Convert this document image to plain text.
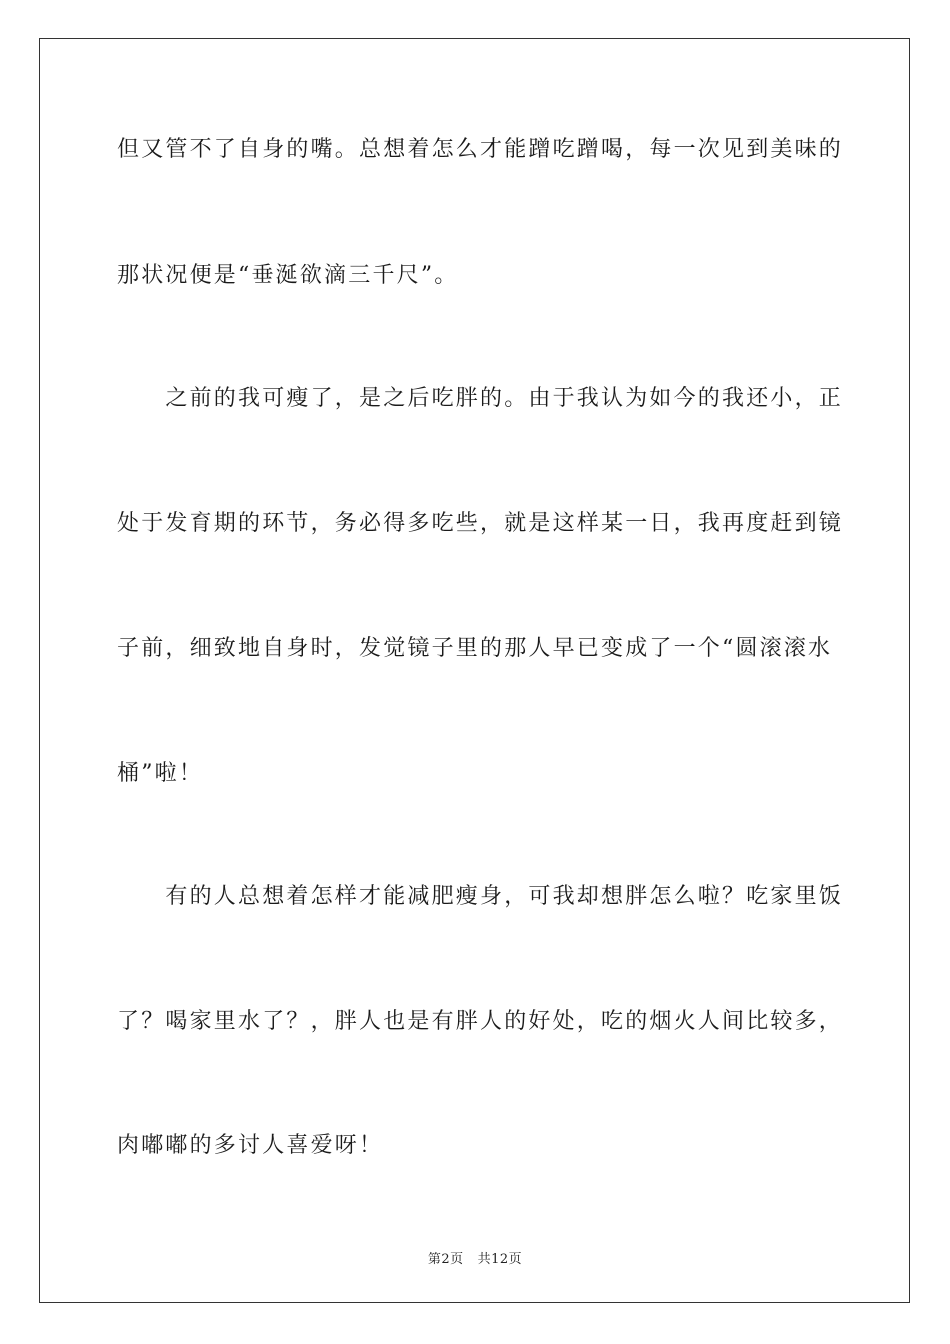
但又管不了自身的嘴。总想着怎么才能蹭吃蹭喝，每一次见到美味的
那状况便是“垂涎欲滴三千尺”。
　　之前的我可瘦了，是之后吃胖的。由于我认为如今的我还小，正
处于发育期的环节，务必得多吃些，就是这样某一日，我再度赶到镜
子前，细致地自身时，发觉镜子里的那人早已变成了一个“圆滚滚水
桶”啦！
　　有的人总想着怎样才能减肥瘦身，可我却想胖怎么啦？吃家里饭
了？喝家里水了？，胖人也是有胖人的好处，吃的烟火人间比较多，
肉嘟嘟的多讨人喜爱呀！
第2页 共12页
